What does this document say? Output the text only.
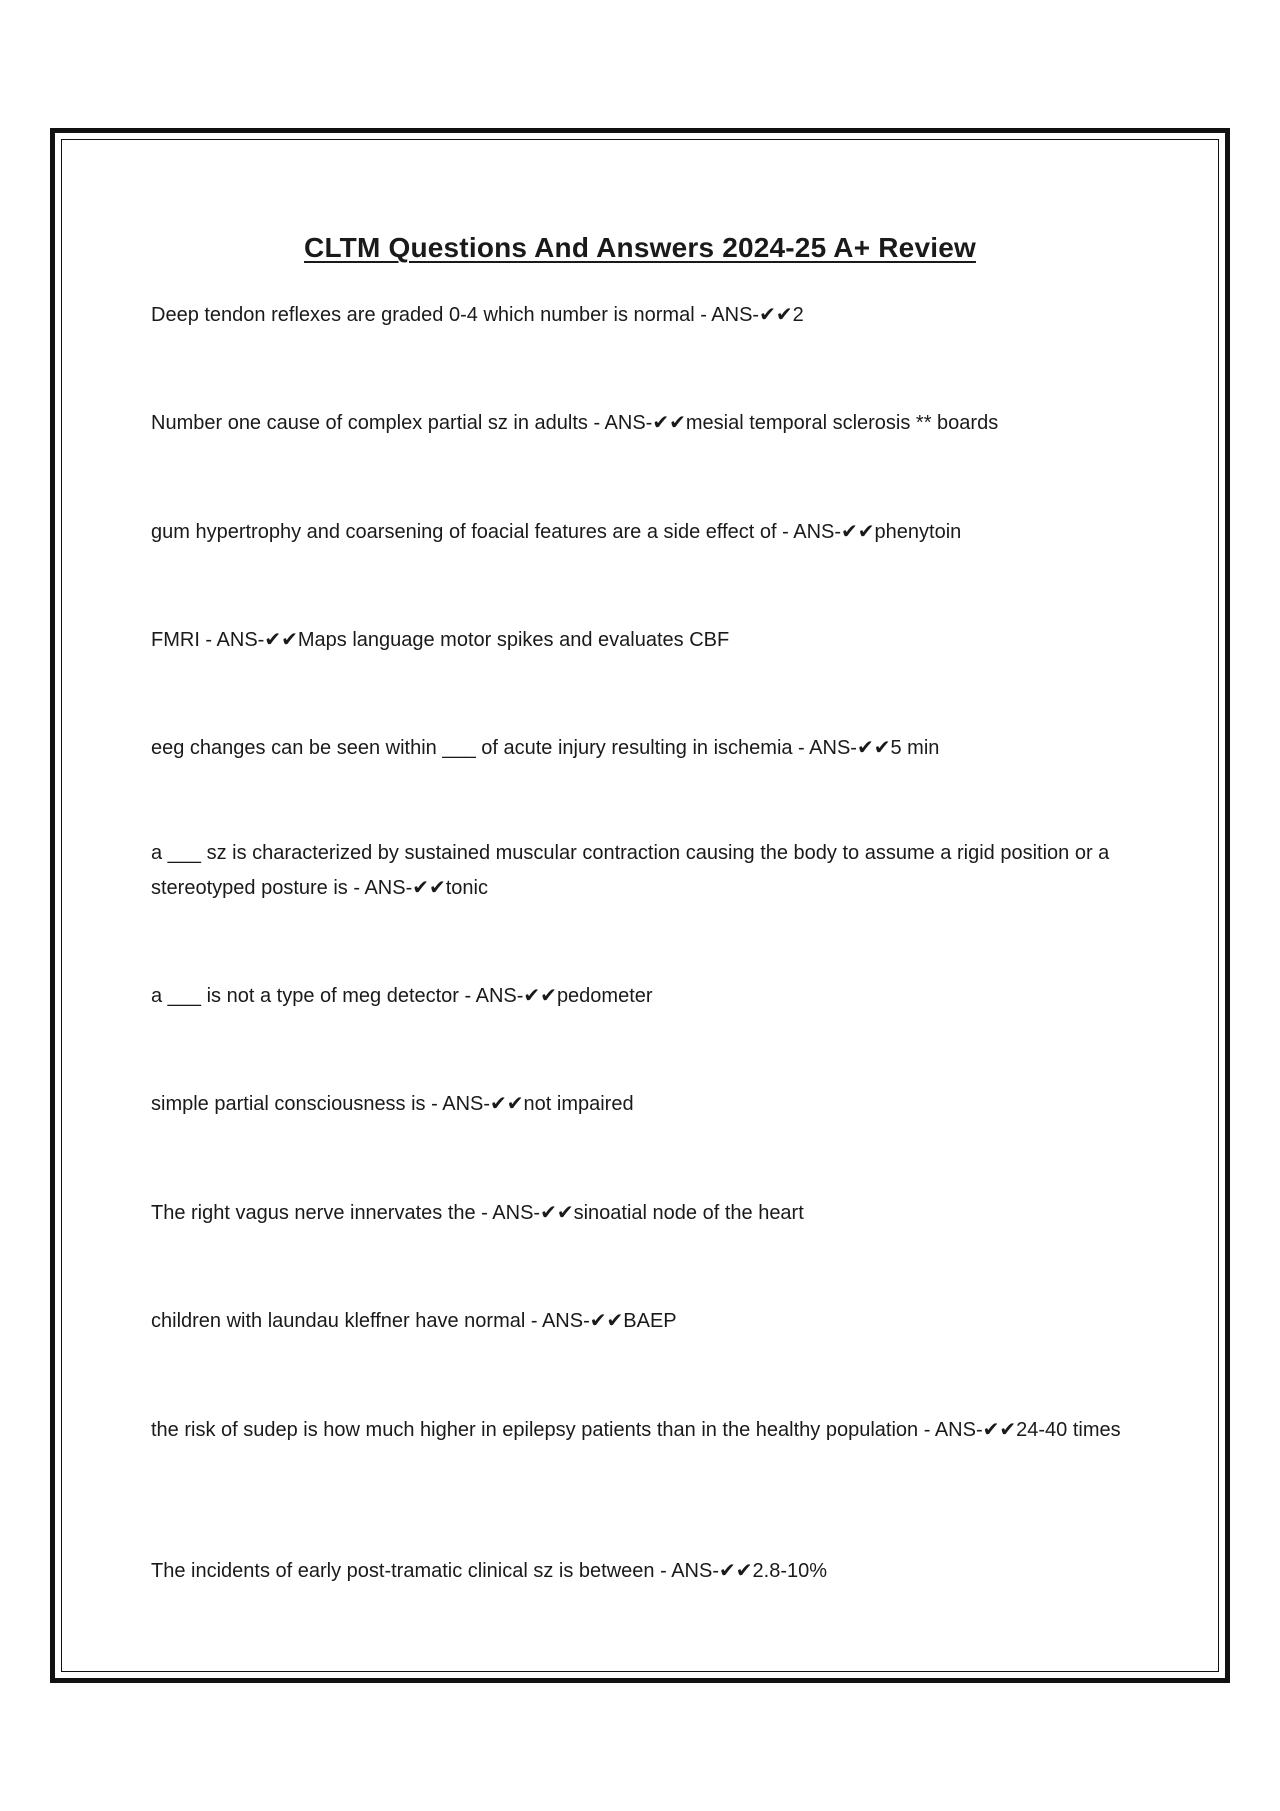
CLTM Questions And Answers 2024-25 A+ Review

Deep tendon reflexes are graded 0-4 which number is normal - ANS-✔✔2

Number one cause of complex partial sz in adults - ANS-✔✔mesial temporal sclerosis ** boards

gum hypertrophy and coarsening of foacial features are a side effect of - ANS-✔✔phenytoin

FMRI - ANS-✔✔Maps language motor spikes and evaluates CBF

eeg changes can be seen within ___ of acute injury resulting in ischemia - ANS-✔✔5 min

a ___ sz is characterized by sustained muscular contraction causing the body to assume a rigid position or a stereotyped posture is - ANS-✔✔tonic

a ___ is not a type of meg detector - ANS-✔✔pedometer

simple partial consciousness is - ANS-✔✔not impaired

The right vagus nerve innervates the - ANS-✔✔sinoatial node of the heart

children with laundau kleffner have normal - ANS-✔✔BAEP

the risk of sudep is how much higher in epilepsy patients than in the healthy population - ANS-✔✔24-40 times

The incidents of early post-tramatic clinical sz is between - ANS-✔✔2.8-10%
